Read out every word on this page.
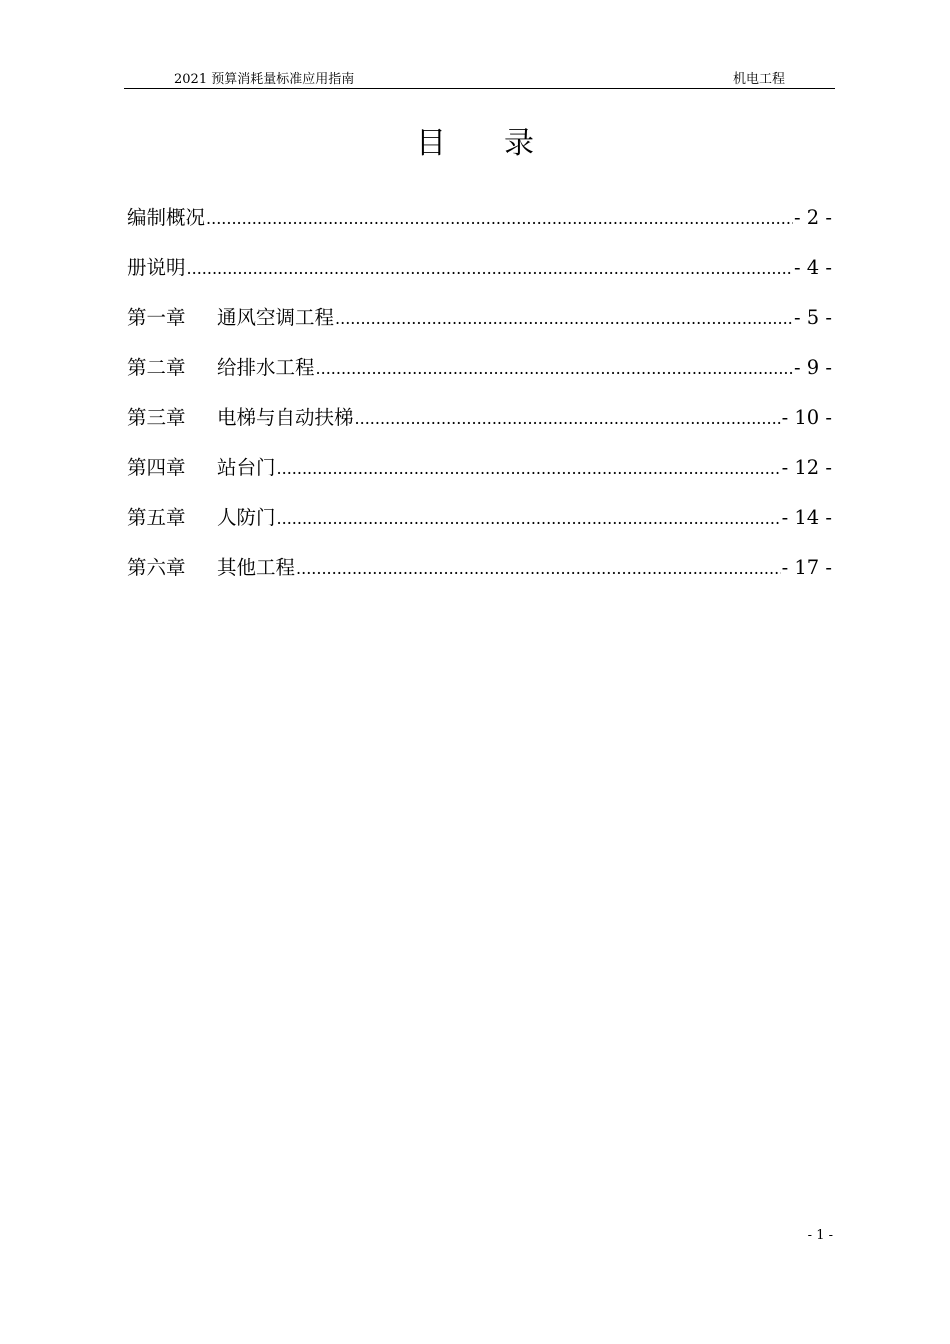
2021 预算消耗量标准应用指南	机电工程
目录
编制概况 .....	- 2 -
册说明 .....	- 4 -
第一章	通风空调工程 .....	- 5 -
第二章	给排水工程 .....	- 9 -
第三章	电梯与自动扶梯 .....	- 10 -
第四章	站台门 .....	- 12 -
第五章	人防门 .....	- 14 -
第六章	其他工程 .....	- 17 -
- 1 -
